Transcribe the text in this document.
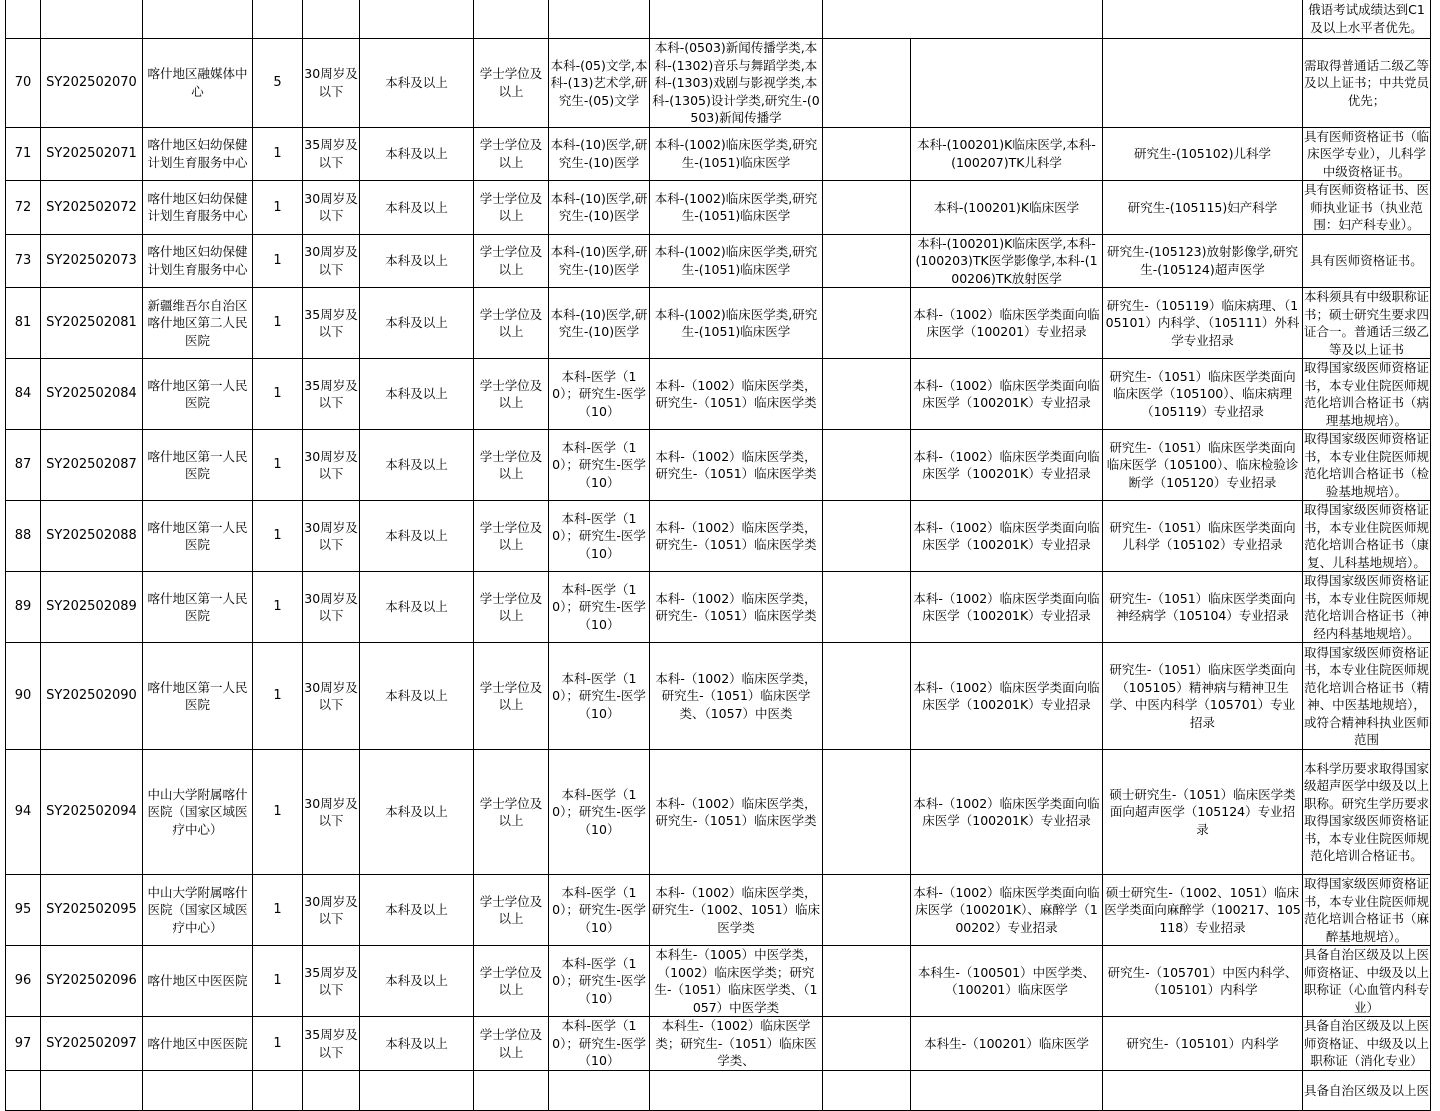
												俄语考试成绩达到C1及以上水平者优先。
70	SY202502070	喀什地区融媒体中心	5	30周岁及以下	本科及以上	学士学位及以上	本科-(05)文学,本科-(13)艺术学,研究生-(05)文学	本科-(0503)新闻传播学类,本科-(1302)音乐与舞蹈学类,本科-(1303)戏剧与影视学类,本科-(1305)设计学类,研究生-(0503)新闻传播学				需取得普通话二级乙等及以上证书；中共党员优先；
71	SY202502071	喀什地区妇幼保健计划生育服务中心	1	35周岁及以下	本科及以上	学士学位及以上	本科-(10)医学,研究生-(10)医学	本科-(1002)临床医学类,研究生-(1051)临床医学		本科-(100201)K临床医学,本科-(100207)TK儿科学	研究生-(105102)儿科学	具有医师资格证书（临床医学专业），儿科学中级资格证书。
72	SY202502072	喀什地区妇幼保健计划生育服务中心	1	30周岁及以下	本科及以上	学士学位及以上	本科-(10)医学,研究生-(10)医学	本科-(1002)临床医学类,研究生-(1051)临床医学		本科-(100201)K临床医学	研究生-(105115)妇产科学	具有医师资格证书、医师执业证书（执业范围：妇产科专业）。
73	SY202502073	喀什地区妇幼保健计划生育服务中心	1	30周岁及以下	本科及以上	学士学位及以上	本科-(10)医学,研究生-(10)医学	本科-(1002)临床医学类,研究生-(1051)临床医学		本科-(100201)K临床医学,本科-(100203)TK医学影像学,本科-(100206)TK放射医学	研究生-(105123)放射影像学,研究生-(105124)超声医学	具有医师资格证书。
81	SY202502081	新疆维吾尔自治区喀什地区第二人民医院	1	35周岁及以下	本科及以上	学士学位及以上	本科-(10)医学,研究生-(10)医学	本科-(1002)临床医学类,研究生-(1051)临床医学		本科-（1002）临床医学类面向临床医学（100201）专业招录	研究生-（105119）临床病理、（105101）内科学、（105111）外科学专业招录	本科须具有中级职称证书；硕士研究生要求四证合一。普通话三级乙等及以上证书
84	SY202502084	喀什地区第一人民医院	1	35周岁及以下	本科及以上	学士学位及以上	本科-医学（10）；研究生-医学（10）	本科-（1002）临床医学类，研究生-（1051）临床医学类		本科-（1002）临床医学类面向临床医学（100201K）专业招录	研究生-（1051）临床医学类面向临床医学（105100）、临床病理（105119）专业招录	取得国家级医师资格证书，本专业住院医师规范化培训合格证书（病理基地规培）。
87	SY202502087	喀什地区第一人民医院	1	30周岁及以下	本科及以上	学士学位及以上	本科-医学（10）；研究生-医学（10）	本科-（1002）临床医学类，研究生-（1051）临床医学类		本科-（1002）临床医学类面向临床医学（100201K）专业招录	研究生-（1051）临床医学类面向临床医学（105100）、临床检验诊断学（105120）专业招录	取得国家级医师资格证书，本专业住院医师规范化培训合格证书（检验基地规培）。
88	SY202502088	喀什地区第一人民医院	1	30周岁及以下	本科及以上	学士学位及以上	本科-医学（10）；研究生-医学（10）	本科-（1002）临床医学类，研究生-（1051）临床医学类		本科-（1002）临床医学类面向临床医学（100201K）专业招录	研究生-（1051）临床医学类面向儿科学（105102）专业招录	取得国家级医师资格证书，本专业住院医师规范化培训合格证书（康复、儿科基地规培）。
89	SY202502089	喀什地区第一人民医院	1	30周岁及以下	本科及以上	学士学位及以上	本科-医学（10）；研究生-医学（10）	本科-（1002）临床医学类，研究生-（1051）临床医学类		本科-（1002）临床医学类面向临床医学（100201K）专业招录	研究生-（1051）临床医学类面向神经病学（105104）专业招录	取得国家级医师资格证书，本专业住院医师规范化培训合格证书（神经内科基地规培）。
90	SY202502090	喀什地区第一人民医院	1	30周岁及以下	本科及以上	学士学位及以上	本科-医学（10）；研究生-医学（10）	本科-（1002）临床医学类，研究生-（1051）临床医学类、（1057）中医类		本科-（1002）临床医学类面向临床医学（100201K）专业招录	研究生-（1051）临床医学类面向（105105）精神病与精神卫生学、中医内科学（105701）专业招录	取得国家级医师资格证书，本专业住院医师规范化培训合格证书（精神、中医基地规培），或符合精神科执业医师范围
94	SY202502094	中山大学附属喀什医院（国家区域医疗中心）	1	30周岁及以下	本科及以上	学士学位及以上	本科-医学（10）；研究生-医学（10）	本科-（1002）临床医学类，研究生-（1051）临床医学类		本科-（1002）临床医学类面向临床医学（100201K）专业招录	硕士研究生-（1051）临床医学类面向超声医学（105124）专业招录	本科学历要求取得国家级超声医学中级及以上职称。研究生学历要求取得国家级医师资格证书，本专业住院医师规范化培训合格证书。
95	SY202502095	中山大学附属喀什医院（国家区域医疗中心）	1	30周岁及以下	本科及以上	学士学位及以上	本科-医学（10）；研究生-医学（10）	本科-（1002）临床医学类，研究生-（1002、1051）临床医学类		本科-（1002）临床医学类面向临床医学（100201K）、麻醉学（100202）专业招录	硕士研究生-（1002、1051）临床医学类面向麻醉学（100217、105118）专业招录	取得国家级医师资格证书，本专业住院医师规范化培训合格证书（麻醉基地规培）。
96	SY202502096	喀什地区中医医院	1	35周岁及以下	本科及以上	学士学位及以上	本科-医学（10）；研究生-医学（10）	本科生-（1005）中医学类，（1002）临床医学类；研究生-（1051）临床医学类、（1057）中医学类		本科生-（100501）中医学类、（100201）临床医学	研究生-（105701）中医内科学、（105101）内科学	具备自治区级及以上医师资格证、中级及以上职称证（心血管内科专业）
97	SY202502097	喀什地区中医医院	1	35周岁及以下	本科及以上	学士学位及以上	本科-医学（10）；研究生-医学（10）	本科生-（1002）临床医学类；研究生-（1051）临床医学类、		本科生-（100201）临床医学	研究生-（105101）内科学	具备自治区级及以上医师资格证、中级及以上职称证（消化专业）
												具备自治区级及以上医
